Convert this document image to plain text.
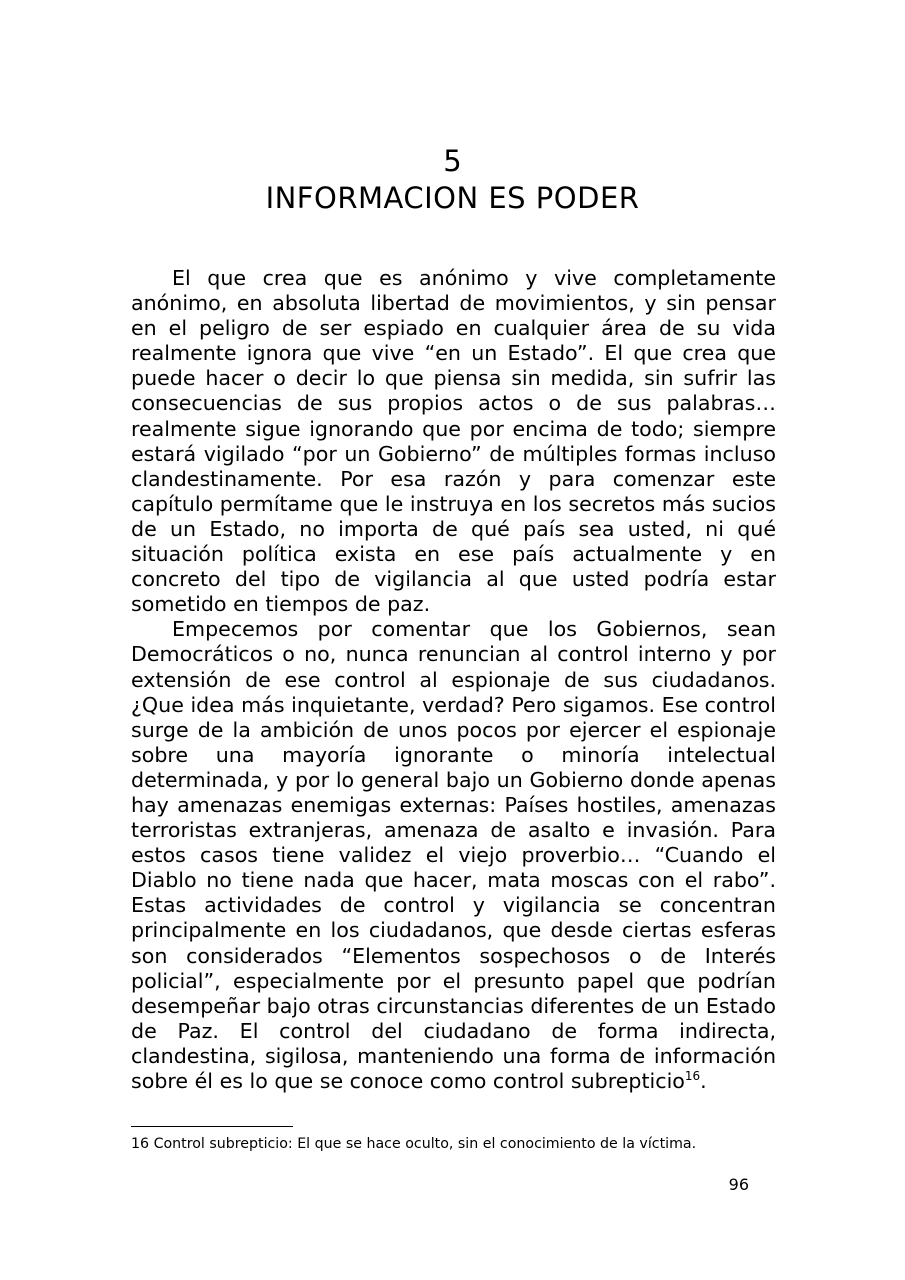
5
INFORMACION ES PODER

El que crea que es anónimo y vive completamente anónimo, en absoluta libertad de movimientos, y sin pensar en el peligro de ser espiado en cualquier área de su vida realmente ignora que vive “en un Estado”. El que crea que puede hacer o decir lo que piensa sin medida, sin sufrir las consecuencias de sus propios actos o de sus palabras… realmente sigue ignorando que por encima de todo; siempre estará vigilado “por un Gobierno” de múltiples formas incluso clandestinamente. Por esa razón y para comenzar este capítulo permítame que le instruya en los secretos más sucios de un Estado, no importa de qué país sea usted, ni qué situación política exista en ese país actualmente y en concreto del tipo de vigilancia al que usted podría estar sometido en tiempos de paz.

Empecemos por comentar que los Gobiernos, sean Democráticos o no, nunca renuncian al control interno y por extensión de ese control al espionaje de sus ciudadanos. ¿Que idea más inquietante, verdad? Pero sigamos. Ese control surge de la ambición de unos pocos por ejercer el espionaje sobre una mayoría ignorante o minoría intelectual determinada, y por lo general bajo un Gobierno donde apenas hay amenazas enemigas externas: Países hostiles, amenazas terroristas extranjeras, amenaza de asalto e invasión. Para estos casos tiene validez el viejo proverbio… “Cuando el Diablo no tiene nada que hacer, mata moscas con el rabo”. Estas actividades de control y vigilancia se concentran principalmente en los ciudadanos, que desde ciertas esferas son considerados “Elementos sospechosos o de Interés policial”, especialmente por el presunto papel que podrían desempeñar bajo otras circunstancias diferentes de un Estado de Paz. El control del ciudadano de forma indirecta, clandestina, sigilosa, manteniendo una forma de información sobre él es lo que se conoce como control subrepticio$^{16}$.

16 Control subrepticio: El que se hace oculto, sin el conocimiento de la víctima.
96
